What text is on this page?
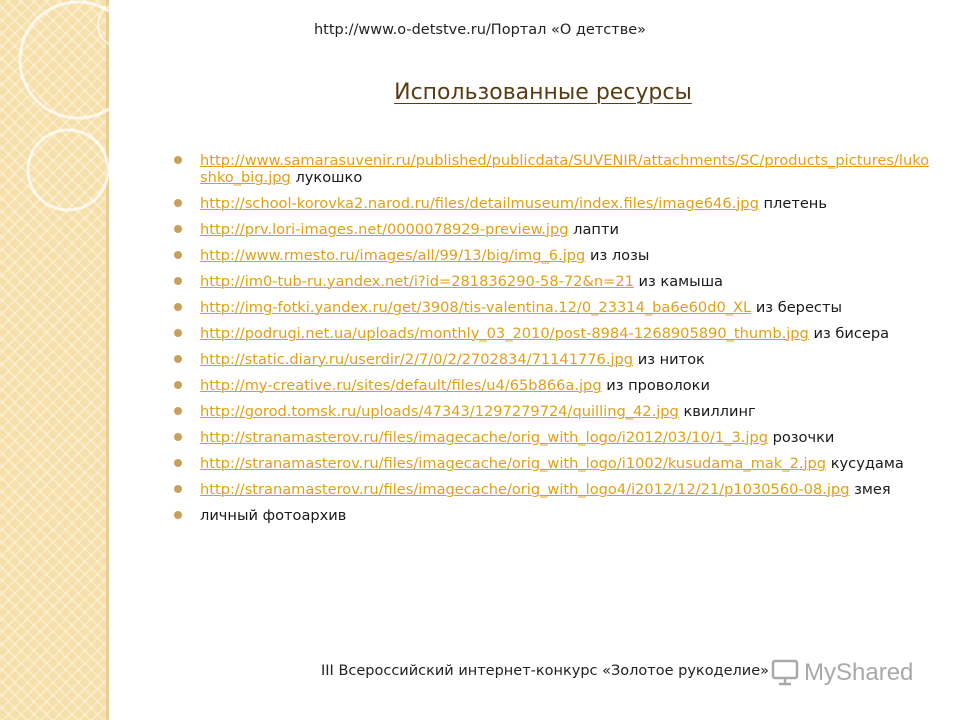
http://www.o-detstve.ru/Портал «О детстве»
Использованные ресурсы
http://www.samarasuvenir.ru/published/publicdata/SUVENIR/attachments/SC/products_pictures/lukoshko_big.jpg лукошко
http://school-korovka2.narod.ru/files/detailmuseum/index.files/image646.jpg плетень
http://prv.lori-images.net/0000078929-preview.jpg лапти
http://www.rmesto.ru/images/all/99/13/big/img_6.jpg из лозы
http://im0-tub-ru.yandex.net/i?id=281836290-58-72&n=21 из камыша
http://img-fotki.yandex.ru/get/3908/tis-valentina.12/0_23314_ba6e60d0_XL из бересты
http://podrugi.net.ua/uploads/monthly_03_2010/post-8984-1268905890_thumb.jpg из бисера
http://static.diary.ru/userdir/2/7/0/2/2702834/71141776.jpg из ниток
http://my-creative.ru/sites/default/files/u4/65b866a.jpg из проволоки
http://gorod.tomsk.ru/uploads/47343/1297279724/quilling_42.jpg квиллинг
http://stranamasterov.ru/files/imagecache/orig_with_logo/i2012/03/10/1_3.jpg розочки
http://stranamasterov.ru/files/imagecache/orig_with_logo/i1002/kusudama_mak_2.jpg кусудама
http://stranamasterov.ru/files/imagecache/orig_with_logo4/i2012/12/21/p1030560-08.jpg змея
личный фотоархив
III Всероссийский интернет-конкурс «Золотое рукоделие»	MyShared
